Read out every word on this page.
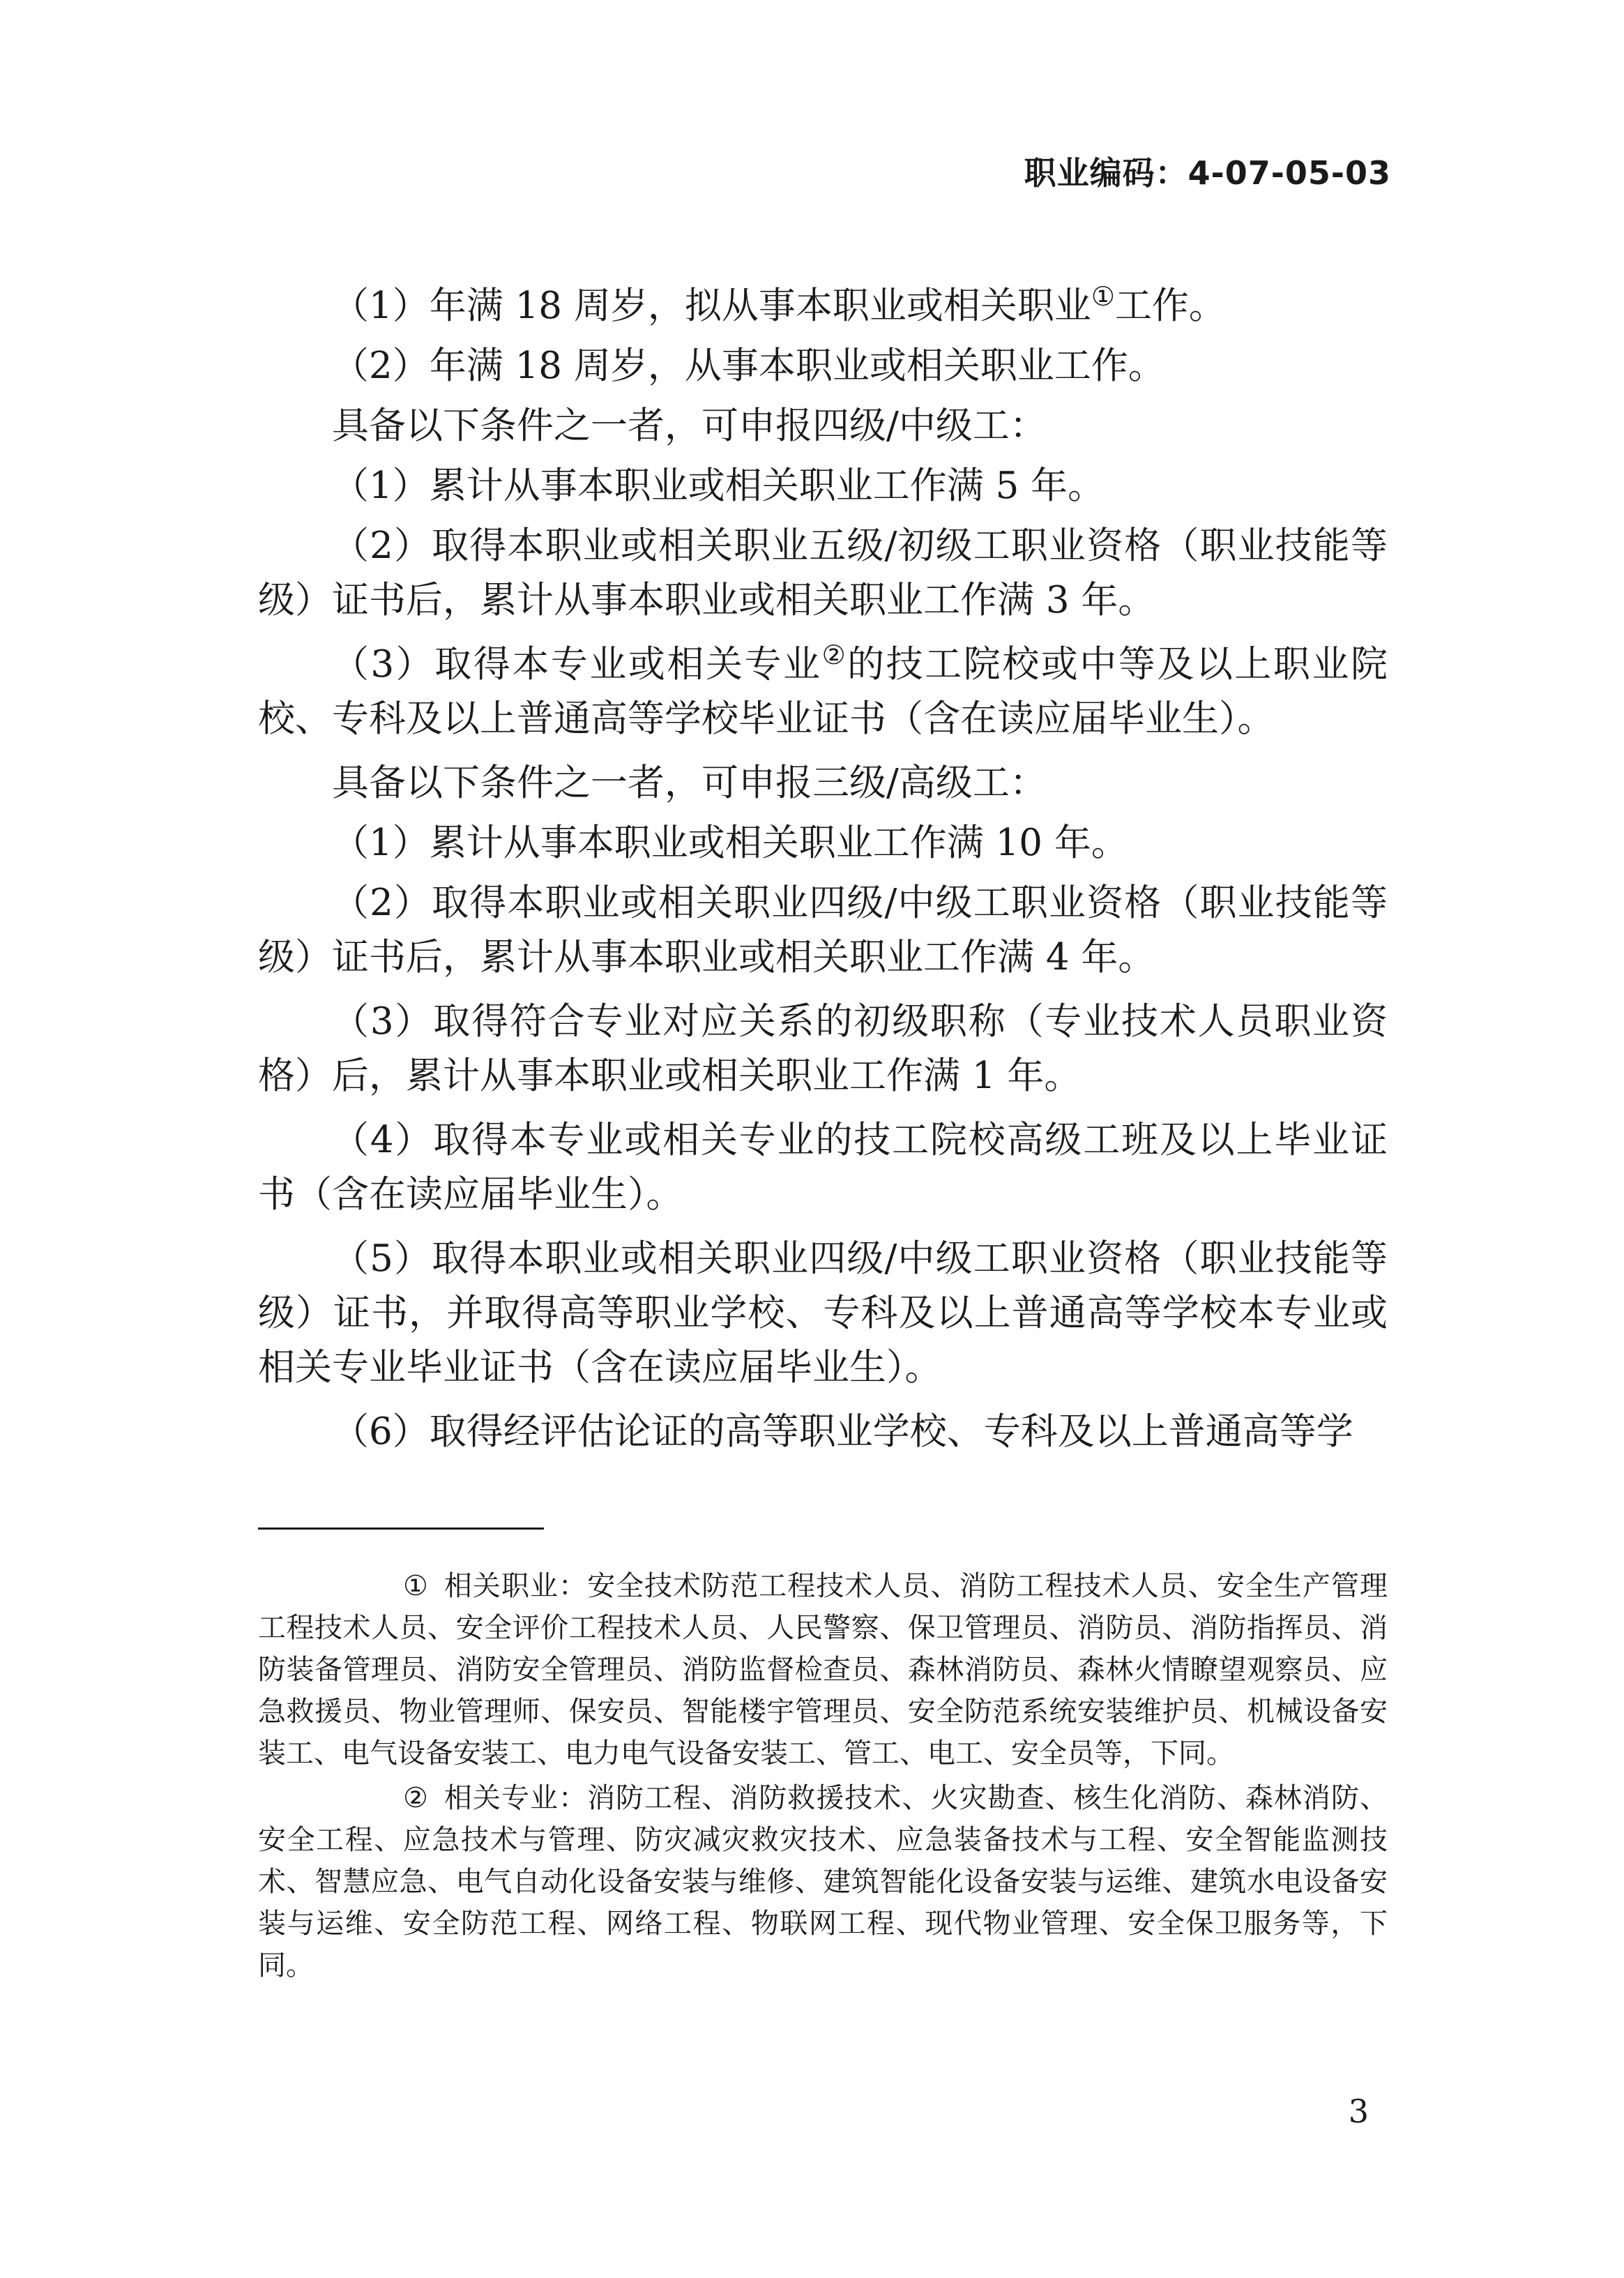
职业编码：4-07-05-03

（1）年满 18 周岁，拟从事本职业或相关职业①工作。

（2）年满 18 周岁，从事本职业或相关职业工作。

具备以下条件之一者，可申报四级/中级工：

（1）累计从事本职业或相关职业工作满 5 年。

（2）取得本职业或相关职业五级/初级工职业资格（职业技能等级）证书后，累计从事本职业或相关职业工作满 3 年。

（3）取得本专业或相关专业②的技工院校或中等及以上职业院校、专科及以上普通高等学校毕业证书（含在读应届毕业生）。

具备以下条件之一者，可申报三级/高级工：

（1）累计从事本职业或相关职业工作满 10 年。

（2）取得本职业或相关职业四级/中级工职业资格（职业技能等级）证书后，累计从事本职业或相关职业工作满 4 年。

（3）取得符合专业对应关系的初级职称（专业技术人员职业资格）后，累计从事本职业或相关职业工作满 1 年。

（4）取得本专业或相关专业的技工院校高级工班及以上毕业证书（含在读应届毕业生）。

（5）取得本职业或相关职业四级/中级工职业资格（职业技能等级）证书，并取得高等职业学校、专科及以上普通高等学校本专业或相关专业毕业证书（含在读应届毕业生）。

（6）取得经评估论证的高等职业学校、专科及以上普通高等学

① 相关职业：安全技术防范工程技术人员、消防工程技术人员、安全生产管理工程技术人员、安全评价工程技术人员、人民警察、保卫管理员、消防员、消防指挥员、消防装备管理员、消防安全管理员、消防监督检查员、森林消防员、森林火情瞭望观察员、应急救援员、物业管理师、保安员、智能楼宇管理员、安全防范系统安装维护员、机械设备安装工、电气设备安装工、电力电气设备安装工、管工、电工、安全员等，下同。

② 相关专业：消防工程、消防救援技术、火灾勘查、核生化消防、森林消防、安全工程、应急技术与管理、防灾减灾救灾技术、应急装备技术与工程、安全智能监测技术、智慧应急、电气自动化设备安装与维修、建筑智能化设备安装与运维、建筑水电设备安装与运维、安全防范工程、网络工程、物联网工程、现代物业管理、安全保卫服务等，下同。

3
